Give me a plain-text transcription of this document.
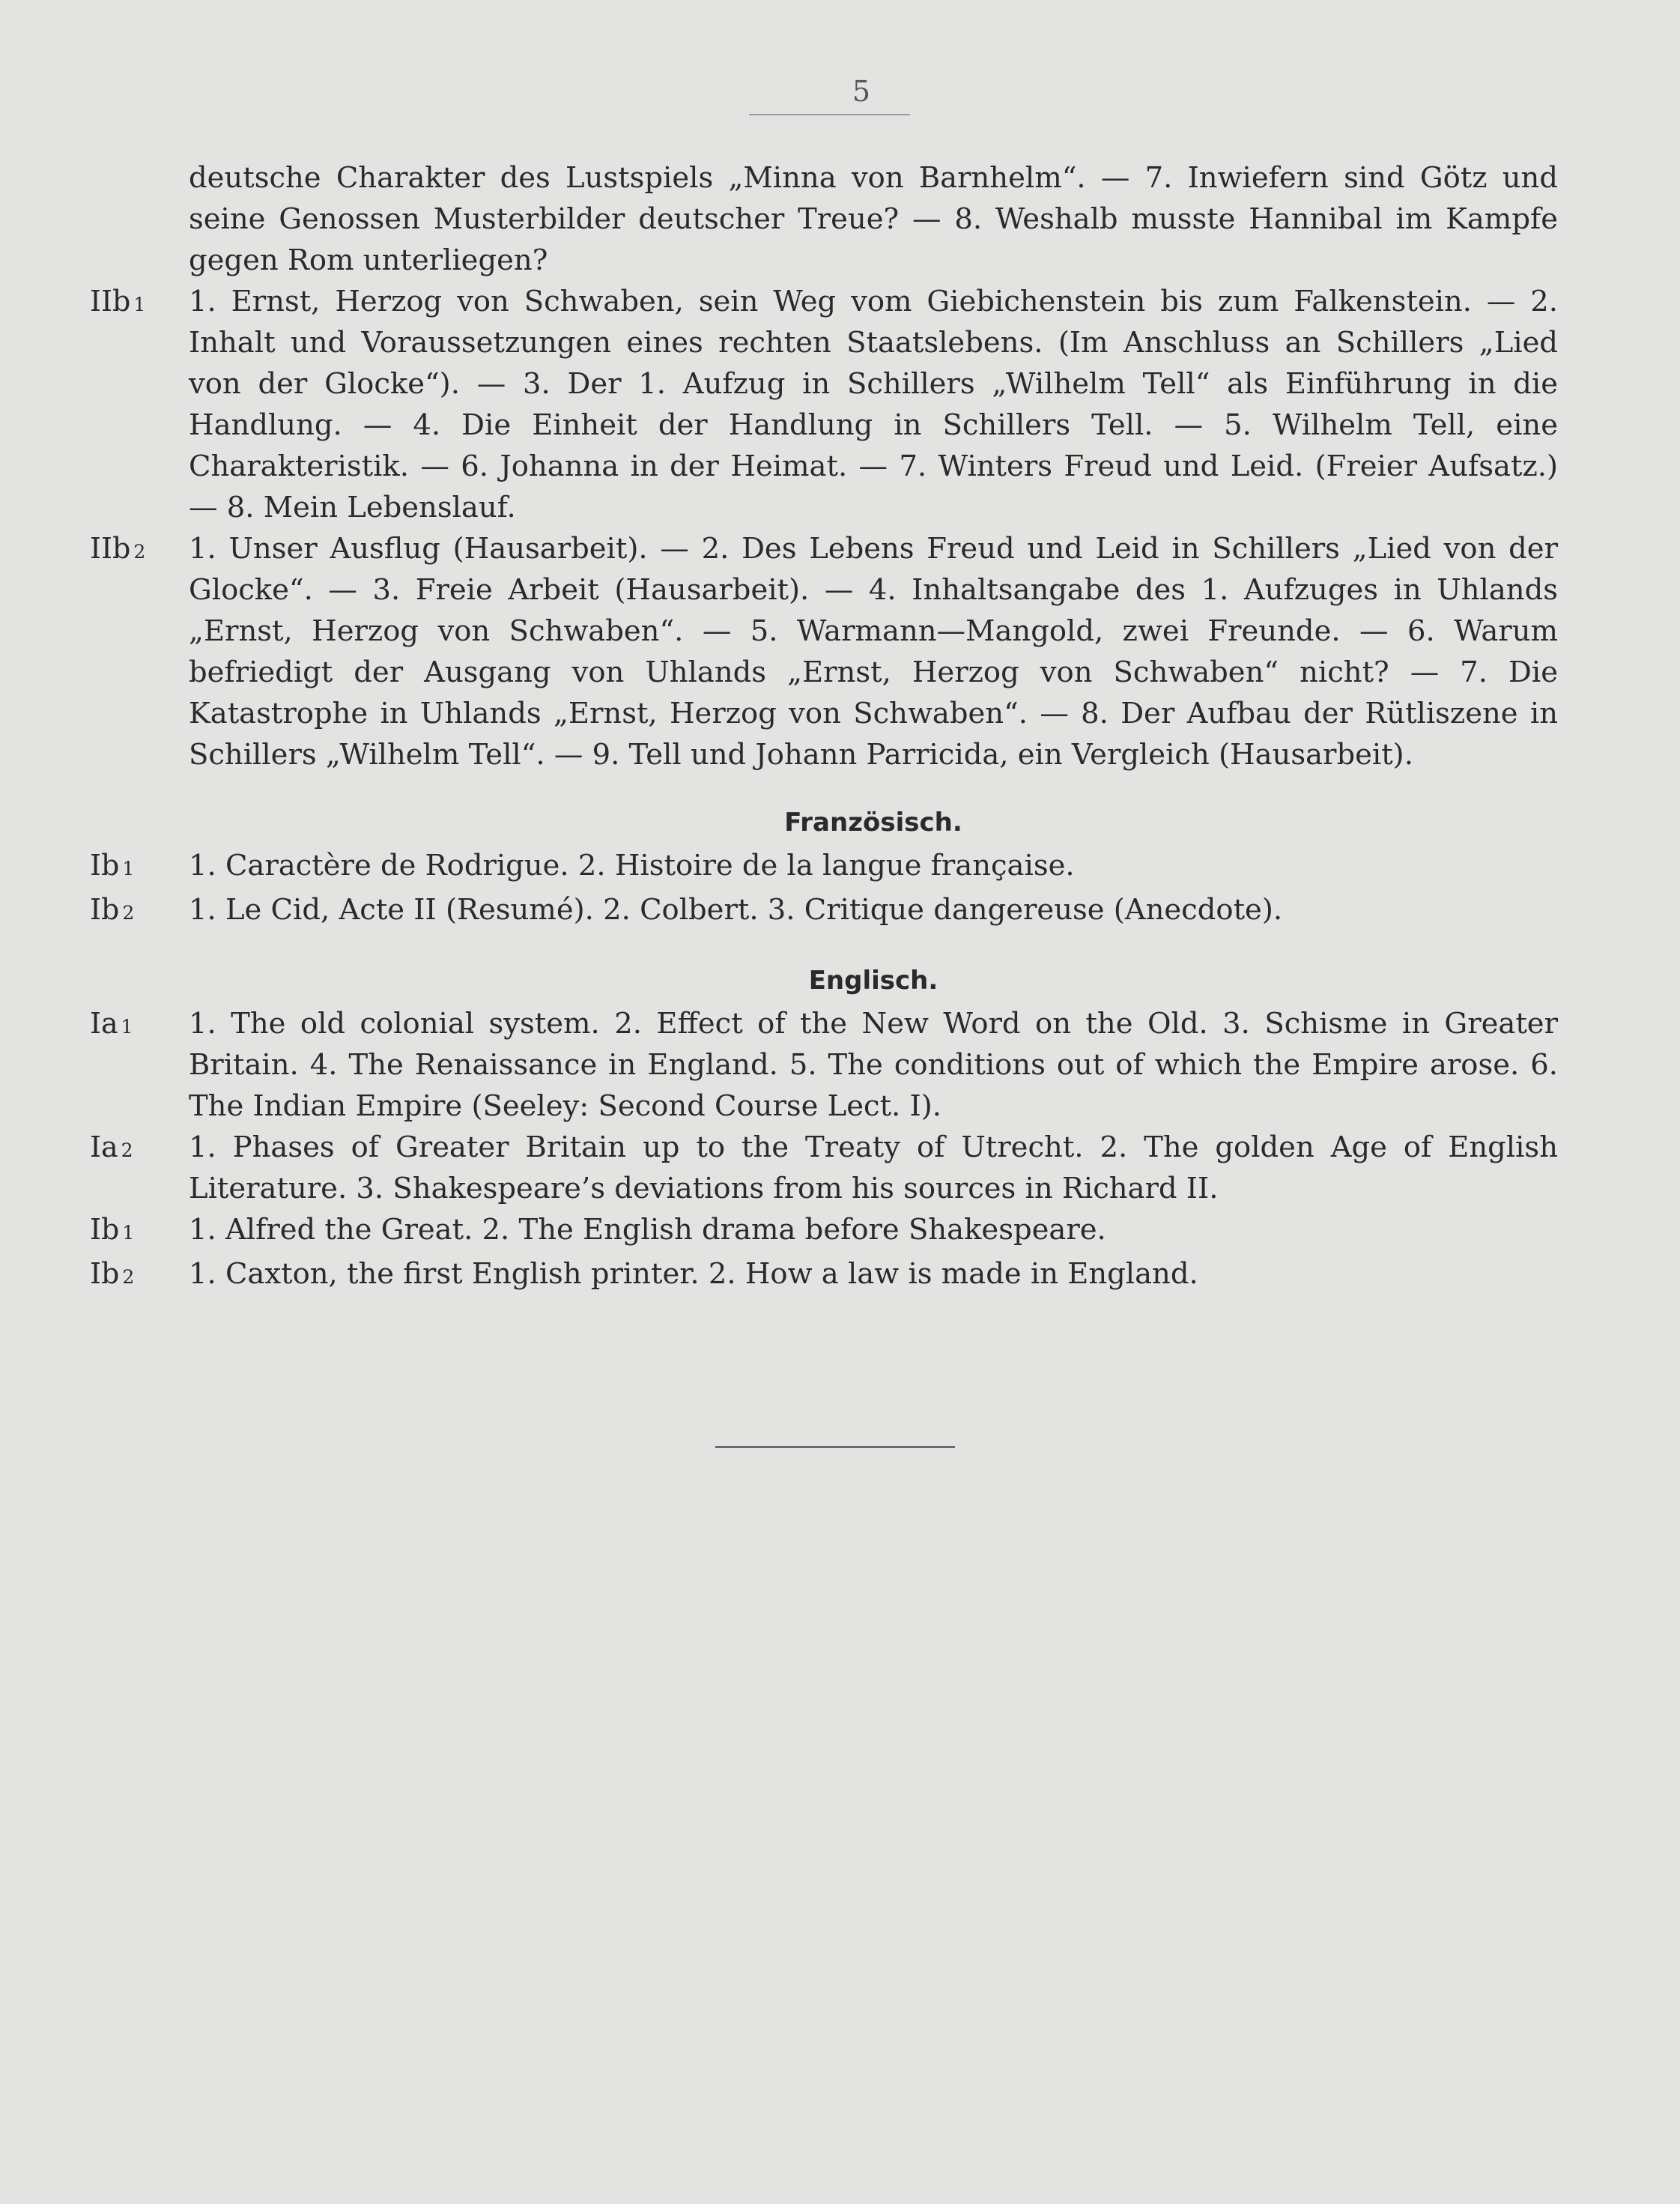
5
deutsche Charakter des Lustspiels „Minna von Barnhelm“. — 7. Inwiefern sind Götz und seine Genossen Musterbilder deutscher Treue? — 8. Weshalb musste Hannibal im Kampfe gegen Rom unterliegen?
IIb 1	1. Ernst, Herzog von Schwaben, sein Weg vom Giebichenstein bis zum Falkenstein. — 2. Inhalt und Voraussetzungen eines rechten Staatslebens. (Im Anschluss an Schillers „Lied von der Glocke“). — 3. Der 1. Aufzug in Schillers „Wilhelm Tell“ als Einführung in die Handlung. — 4. Die Einheit der Handlung in Schillers Tell. — 5. Wilhelm Tell, eine Charakteristik. — 6. Johanna in der Heimat. — 7. Winters Freud und Leid. (Freier Aufsatz.) — 8. Mein Lebenslauf.
IIb 2	1. Unser Ausflug (Hausarbeit). — 2. Des Lebens Freud und Leid in Schillers „Lied von der Glocke“. — 3. Freie Arbeit (Hausarbeit). — 4. Inhaltsangabe des 1. Aufzuges in Uhlands „Ernst, Herzog von Schwaben“. — 5. Warmann—Mangold, zwei Freunde. — 6. Warum befriedigt der Ausgang von Uhlands „Ernst, Herzog von Schwaben“ nicht? — 7. Die Katastrophe in Uhlands „Ernst, Herzog von Schwaben“. — 8. Der Aufbau der Rütliszene in Schillers „Wilhelm Tell“. — 9. Tell und Johann Parricida, ein Vergleich (Hausarbeit).
Französisch.
Ib 1	1. Caractère de Rodrigue. 2. Histoire de la langue française.
Ib 2	1. Le Cid, Acte II (Resumé). 2. Colbert. 3. Critique dangereuse (Anecdote).
Englisch.
Ia 1	1. The old colonial system. 2. Effect of the New Word on the Old. 3. Schisme in Greater Britain. 4. The Renaissance in England. 5. The conditions out of which the Empire arose. 6. The Indian Empire (Seeley: Second Course Lect. I).
Ia 2	1. Phases of Greater Britain up to the Treaty of Utrecht. 2. The golden Age of English Literature. 3. Shakespeare’s deviations from his sources in Richard II.
Ib 1	1. Alfred the Great. 2. The English drama before Shakespeare.
Ib 2	1. Caxton, the first English printer. 2. How a law is made in England.
